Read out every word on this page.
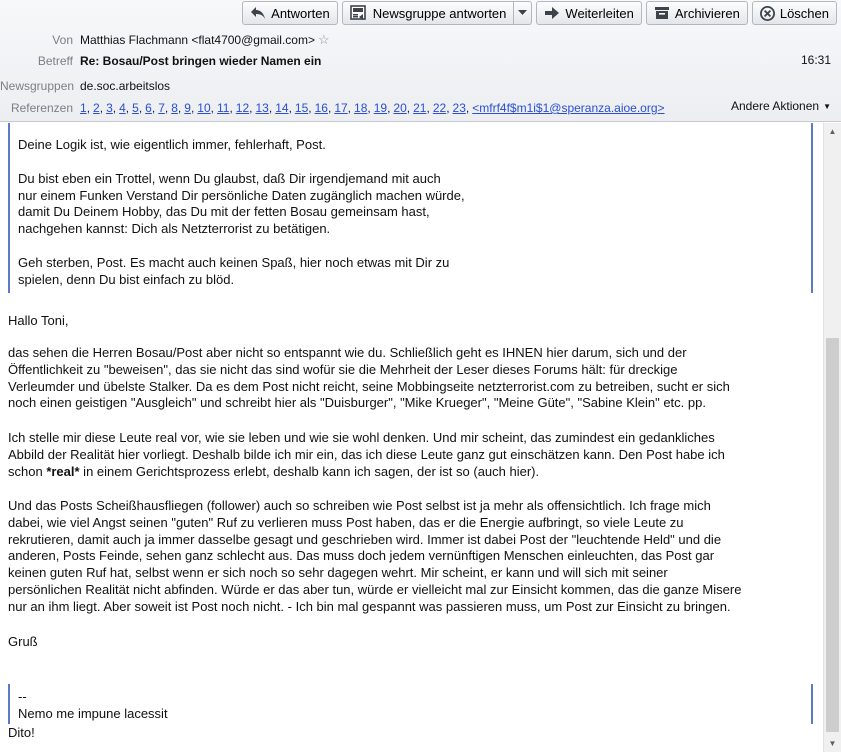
Antworten	Newsgruppe antworten	Weiterleiten	Archivieren	Löschen
Von Matthias Flachmann <flat4700@gmail.com> ☆
Betreff Re: Bosau/Post bringen wieder Namen ein	16:31
Newsgruppen de.soc.arbeitslos
Referenzen 1, 2, 3, 4, 5, 6, 7, 8, 9, 10, 11, 12, 13, 14, 15, 16, 17, 18, 19, 20, 21, 22, 23, <mfrf4f$m1i$1@speranza.aioe.org>	Andere Aktionen ▼

Deine Logik ist, wie eigentlich immer, fehlerhaft, Post.

Du bist eben ein Trottel, wenn Du glaubst, daß Dir irgendjemand mit auch
nur einem Funken Verstand Dir persönliche Daten zugänglich machen würde,
damit Du Deinem Hobby, das Du mit der fetten Bosau gemeinsam hast,
nachgehen kannst: Dich als Netzterrorist zu betätigen.

Geh sterben, Post. Es macht auch keinen Spaß, hier noch etwas mit Dir zu
spielen, denn Du bist einfach zu blöd.

Hallo Toni,

das sehen die Herren Bosau/Post aber nicht so entspannt wie du. Schließlich geht es IHNEN hier darum, sich und der
Öffentlichkeit zu "beweisen", das sie nicht das sind wofür sie die Mehrheit der Leser dieses Forums hält: für dreckige
Verleumder und übelste Stalker. Da es dem Post nicht reicht, seine Mobbingseite netzterrorist.com zu betreiben, sucht er sich
noch einen geistigen "Ausgleich" und schreibt hier als "Duisburger", "Mike Krueger", "Meine Güte", "Sabine Klein" etc. pp.

Ich stelle mir diese Leute real vor, wie sie leben und wie sie wohl denken. Und mir scheint, das zumindest ein gedankliches
Abbild der Realität hier vorliegt. Deshalb bilde ich mir ein, das ich diese Leute ganz gut einschätzen kann. Den Post habe ich
schon *real* in einem Gerichtsprozess erlebt, deshalb kann ich sagen, der ist so (auch hier).

Und das Posts Scheißhausfliegen (follower) auch so schreiben wie Post selbst ist ja mehr als offensichtlich. Ich frage mich
dabei, wie viel Angst seinen "guten" Ruf zu verlieren muss Post haben, das er die Energie aufbringt, so viele Leute zu
rekrutieren, damit auch ja immer dasselbe gesagt und geschrieben wird. Immer ist dabei Post der "leuchtende Held" und die
anderen, Posts Feinde, sehen ganz schlecht aus. Das muss doch jedem vernünftigen Menschen einleuchten, das Post gar
keinen guten Ruf hat, selbst wenn er sich noch so sehr dagegen wehrt. Mir scheint, er kann und will sich mit seiner
persönlichen Realität nicht abfinden. Würde er das aber tun, würde er vielleicht mal zur Einsicht kommen, das die ganze Misere
nur an ihm liegt. Aber soweit ist Post noch nicht. - Ich bin mal gespannt was passieren muss, um Post zur Einsicht zu bringen.

Gruß

--

Nemo me impune lacessit

Dito!

▲
▼
